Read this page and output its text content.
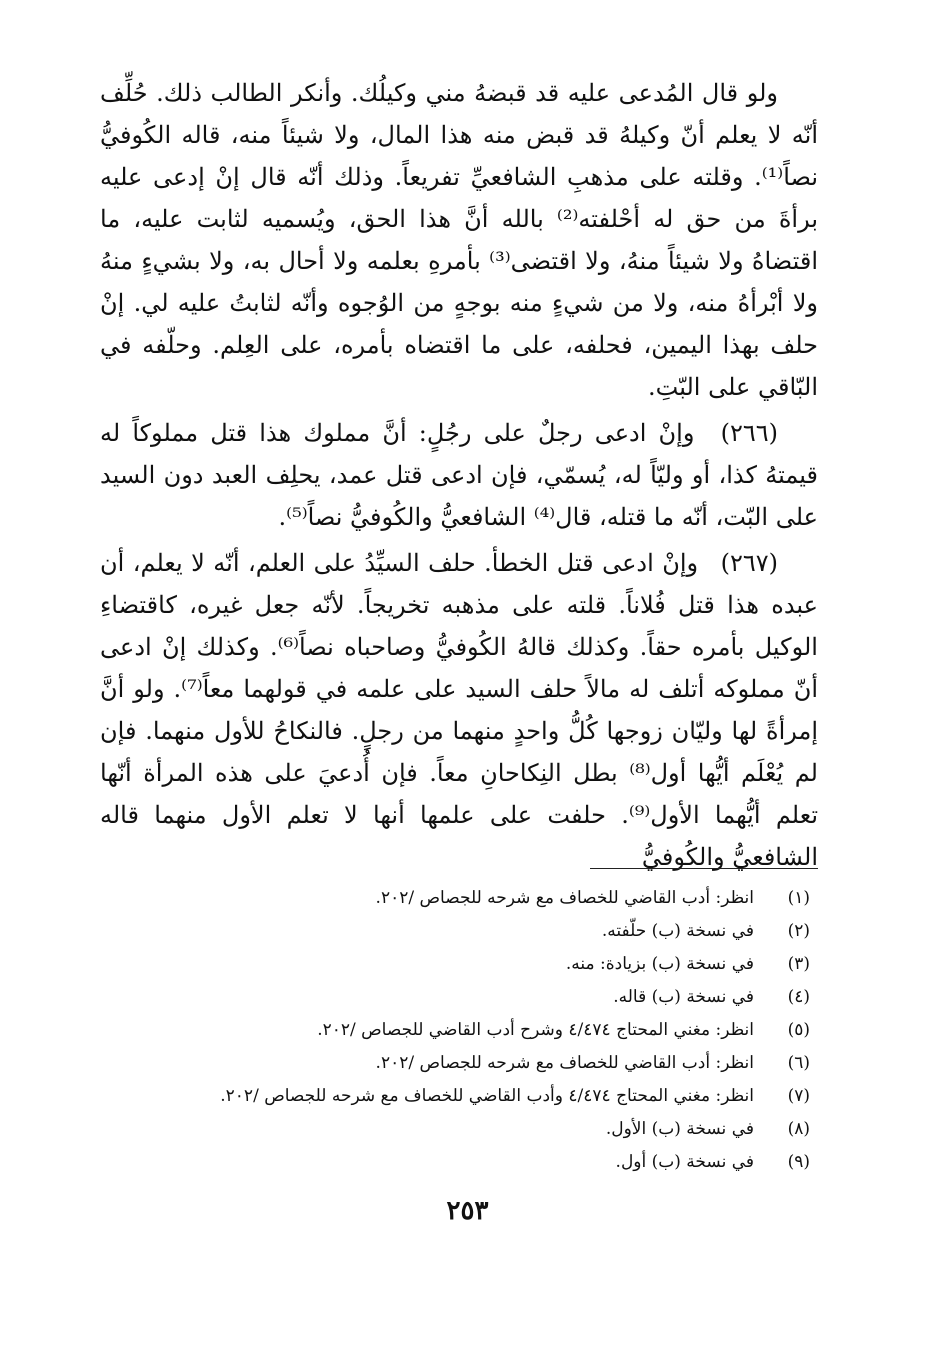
ولو قال المُدعى عليه قد قبضهُ مني وكيلُك. وأنكر الطالب ذلك. حُلِّف أنّه لا يعلم أنّ وكيلهُ قد قبض منه هذا المال، ولا شيئاً منه، قاله الكُوفيُّ نصاً⁽¹⁾. وقلته على مذهبِ الشافعيِّ تفريعاً. وذلك أنّه قال إنْ إدعى عليه برأةَ من حق له أحْلفته⁽²⁾ بالله أنَّ هذا الحق، ويُسميه لثابت عليه، ما اقتضاهُ ولا شيئاً منهُ، ولا اقتضى⁽³⁾ بأمرهِ بعلمه ولا أحال به، ولا بشيءٍ منهُ ولا أبْرأهُ منه، ولا من شيءٍ منه بوجهٍ من الوُجوه وأنّه لثابتُ عليه لي. إنْ حلف بهذا اليمين، فحلفه، على ما اقتضاه بأمره، على العِلم. وحلّفه في البّاقي على البّتِ.

(٢٦٦) وإنْ ادعى رجلٌ على رجُلٍ: أنَّ مملوك هذا قتل مملوكاً له قيمتهُ كذا، أو وليّاً له، يُسمّي، فإن ادعى قتل عمد، يحلِف العبد دون السيد على البّت، أنّه ما قتله، قال⁽⁴⁾ الشافعيُّ والكُوفيُّ نصاً⁽⁵⁾.

(٢٦٧) وإنْ ادعى قتل الخطأ. حلف السيِّدُ على العلم، أنّه لا يعلم، أن عبده هذا قتل فُلاناً. قلته على مذهبه تخريجاً. لأنّه جعل غيره، كاقتضاءِ الوكيل بأمره حقاً. وكذلك قالهُ الكُوفيُّ وصاحباه نصاً⁽⁶⁾. وكذلك إنْ ادعى أنّ مملوكه أتلف له مالاً حلف السيد على علمه في قولهما معاً⁽⁷⁾. ولو أنَّ إمرأةً لها وليّان زوجها كُلُّ واحدٍ منهما من رجلٍ. فالنكاحُ للأول منهما. فإن لم يُعْلَم أيُّها أول⁽⁸⁾ بطل النِكاحانِ معاً. فإن أُدعيَ على هذه المرأة أنّها تعلم أيُّهما الأول⁽⁹⁾. حلفت على علمها أنها لا تعلم الأول منهما قاله الشافعيُّ والكُوفيُّ

(١)
انظر: أدب القاضي للخصاف مع شرحه للجصاص /٢٠٢.
(٢)
في نسخة (ب) حلّفته.
(٣)
في نسخة (ب) بزيادة: منه.
(٤)
في نسخة (ب) قاله.
(٥)
انظر: مغني المحتاج ٤/٤٧٤ وشرح أدب القاضي للجصاص /٢٠٢.
(٦)
انظر: أدب القاضي للخصاف مع شرحه للجصاص /٢٠٢.
(٧)
انظر: مغني المحتاج ٤/٤٧٤ وأدب القاضي للخصاف مع شرحه للجصاص /٢٠٢.
(٨)
في نسخة (ب) الأول.
(٩)
في نسخة (ب) أول.
٢٥٣
